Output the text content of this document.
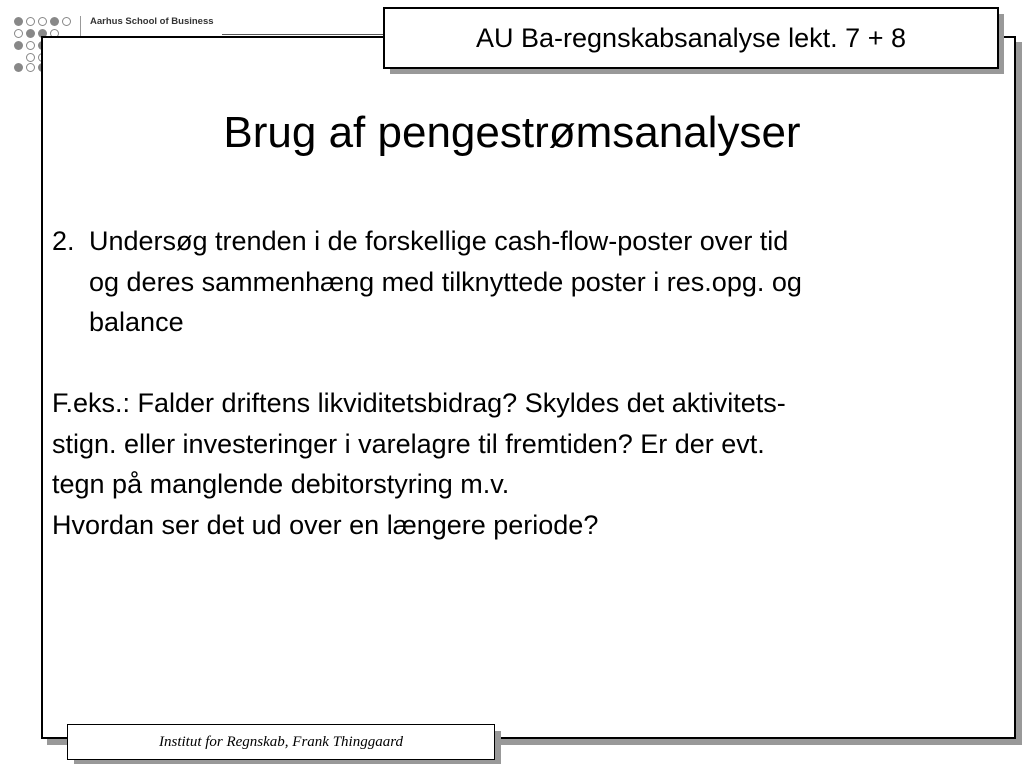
Aarhus School of Business
AU Ba-regnskabsanalyse lekt. 7 + 8
Brug af pengestrømsanalyser
2. Undersøg trenden i de forskellige cash-flow-poster over tid
og deres sammenhæng med tilknyttede poster i res.opg. og
balance
F.eks.: Falder driftens likviditetsbidrag? Skyldes det aktivitets-
stign. eller investeringer i varelagre til fremtiden? Er der evt.
tegn på manglende debitorstyring m.v.
Hvordan ser det ud over en længere periode?
Institut for Regnskab, Frank Thinggaard
